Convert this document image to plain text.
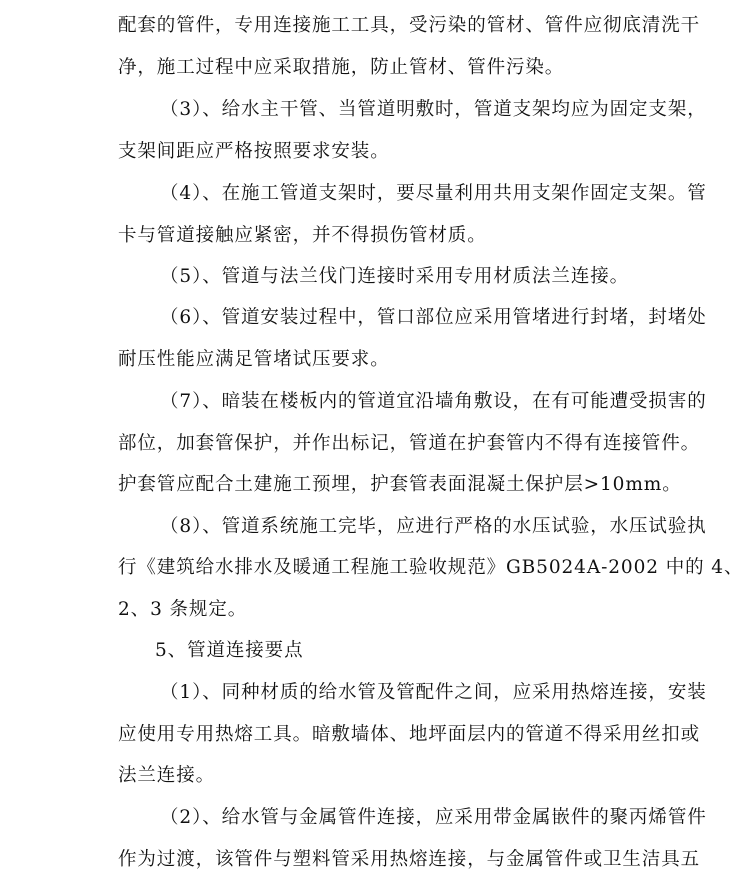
配套的管件，专用连接施工工具，受污染的管材、管件应彻底清洗干
净，施工过程中应采取措施，防止管材、管件污染。
（3）、给水主干管、当管道明敷时，管道支架均应为固定支架，
支架间距应严格按照要求安装。
（4）、在施工管道支架时，要尽量利用共用支架作固定支架。管
卡与管道接触应紧密，并不得损伤管材质。
（5）、管道与法兰伐门连接时采用专用材质法兰连接。
（6）、管道安装过程中，管口部位应采用管堵进行封堵，封堵处
耐压性能应满足管堵试压要求。
（7）、暗装在楼板内的管道宜沿墙角敷设，在有可能遭受损害的
部位，加套管保护，并作出标记，管道在护套管内不得有连接管件。
护套管应配合土建施工预埋，护套管表面混凝土保护层>10mm。
（8）、管道系统施工完毕，应进行严格的水压试验，水压试验执
行《建筑给水排水及暖通工程施工验收规范》GB5024A-2002 中的 4、
2、3 条规定。
5、管道连接要点
（1）、同种材质的给水管及管配件之间，应采用热熔连接，安装
应使用专用热熔工具。暗敷墙体、地坪面层内的管道不得采用丝扣或
法兰连接。
（2）、给水管与金属管件连接，应采用带金属嵌件的聚丙烯管件
作为过渡，该管件与塑料管采用热熔连接，与金属管件或卫生洁具五
